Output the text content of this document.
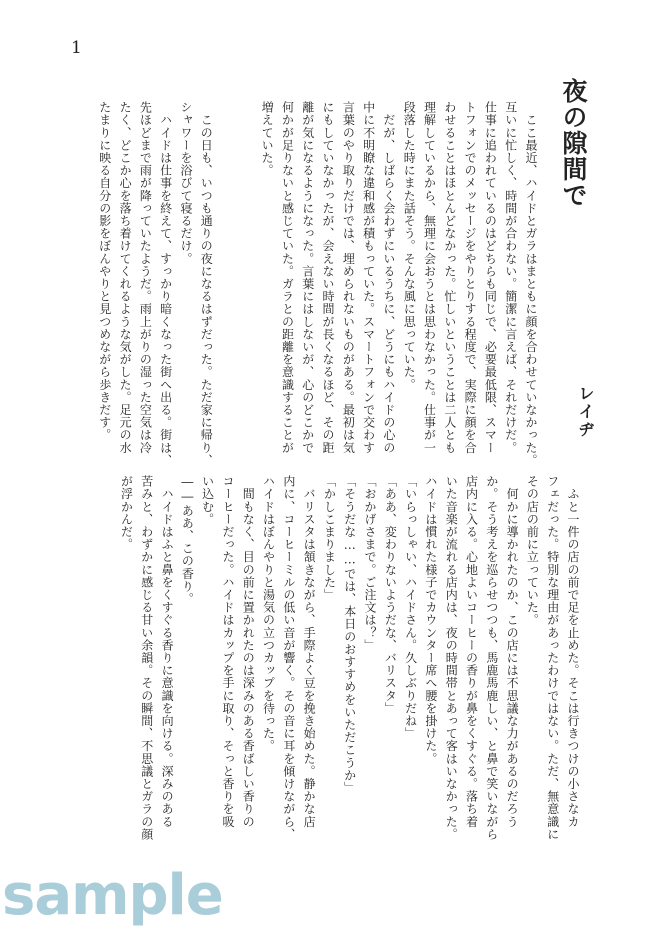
1
夜の隙間で
レイヂ
　ここ最近、ハイドとガラはまともに顔を合わせていなかった。
互いに忙しく、時間が合わない。簡潔に言えば、それだけだ。
仕事に追われているのはどちらも同じで、必要最低限、スマー
トフォンでのメッセージをやりとりする程度で、実際に顔を合
わせることはほとんどなかった。忙しいということは二人とも
理解しているから、無理に会おうとは思わなかった。仕事が一
段落した時にまた話そう。そんな風に思っていた。
　だが、しばらく会わずにいるうちに、どうにもハイドの心の
中に不明瞭な違和感が積もっていた。スマートフォンで交わす
言葉のやり取りだけでは、埋められないものがある。最初は気
にもしていなかったが、会えない時間が長くなるほど、その距
離が気になるようになった。言葉にはしないが、心のどこかで
何かが足りないと感じていた。ガラとの距離を意識することが
増えていた。

　この日も、いつも通りの夜になるはずだった。ただ家に帰り、
シャワーを浴びて寝るだけ。
　ハイドは仕事を終えて、すっかり暗くなった街へ出る。街は、
先ほどまで雨が降っていたようだ。雨上がりの湿った空気は冷
たく、どこか心を落ち着けてくれるような気がした。足元の水
たまりに映る自分の影をぼんやりと見つめながら歩きだす。
　ふと一件の店の前で足を止めた。そこは行きつけの小さなカ
フェだった。特別な理由があったわけではない。ただ、無意識に
その店の前に立っていた。
　何かに導かれたのか、この店には不思議な力があるのだろう
か。そう考えを巡らせつつも、馬鹿馬鹿しい、と鼻で笑いながら
店内に入る。心地よいコーヒーの香りが鼻をくすぐる。落ち着
いた音楽が流れる店内は、夜の時間帯とあって客はいなかった。
ハイドは慣れた様子でカウンター席へ腰を掛けた。
「いらっしゃい、ハイドさん。久しぶりだね」
「ああ、変わりないようだな、バリスタ」
「おかげさまで。ご注文は？」
「そうだな……では、本日のおすすめをいただこうか」
「かしこまりました」
　バリスタは頷きながら、手際よく豆を挽き始めた。静かな店
内に、コーヒーミルの低い音が響く。その音に耳を傾けながら、
ハイドはぼんやりと湯気の立つカップを待った。
　間もなく、目の前に置かれたのは深みのある香ばしい香りの
コーヒーだった。ハイドはカップを手に取り、そっと香りを吸
い込む。
――ああ、この香り。
　ハイドはふと鼻をくすぐる香りに意識を向ける。深みのある
苦みと、わずかに感じる甘い余韻。その瞬間、不思議とガラの顔
が浮かんだ。
sample
